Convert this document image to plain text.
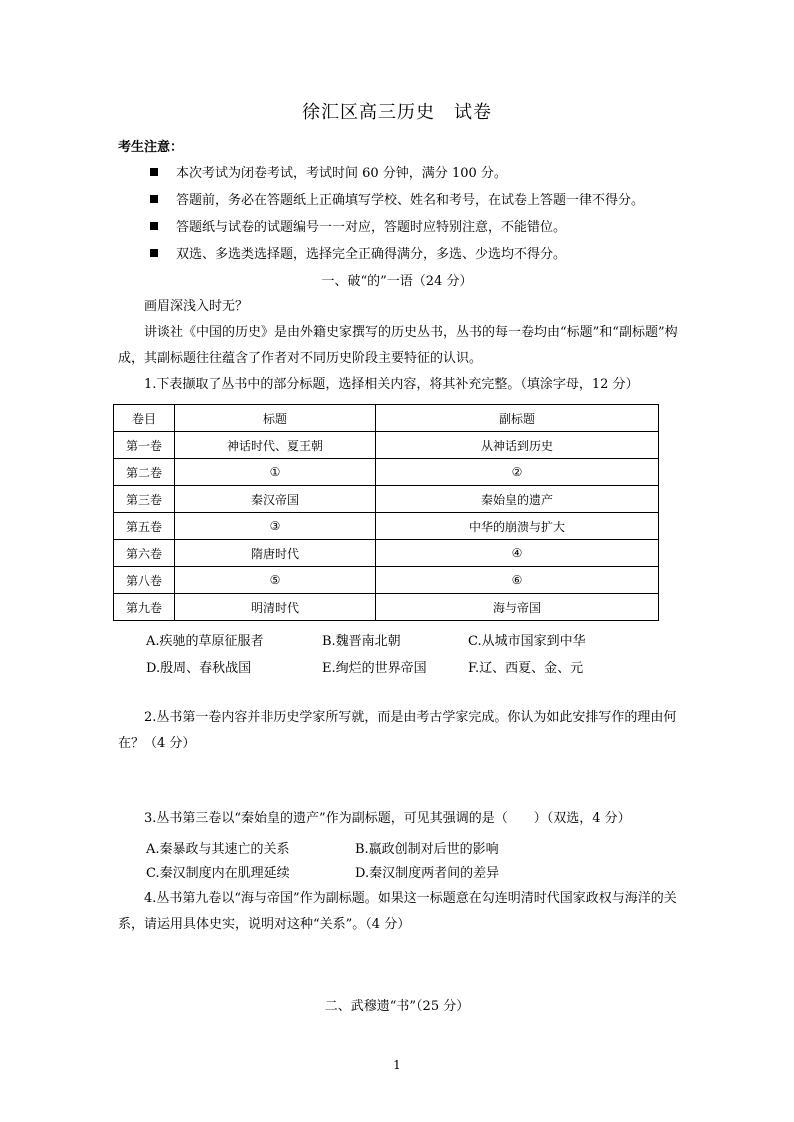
徐汇区高三历史　试卷
考生注意：
本次考试为闭卷考试，考试时间 60 分钟，满分 100 分。
答题前，务必在答题纸上正确填写学校、姓名和考号，在试卷上答题一律不得分。
答题纸与试卷的试题编号一一对应，答题时应特别注意，不能错位。
双选、多选类选择题，选择完全正确得满分，多选、少选均不得分。
一、破“的”一语（24 分）
画眉深浅入时无？
讲谈社《中国的历史》是由外籍史家撰写的历史丛书，丛书的每一卷均由“标题”和“副标题”构成，其副标题往往蕴含了作者对不同历史阶段主要特征的认识。
1.下表撷取了丛书中的部分标题，选择相关内容，将其补充完整。（填涂字母，12 分）
卷目	标题	副标题
第一卷	神话时代、夏王朝	从神话到历史
第二卷	①	②
第三卷	秦汉帝国	秦始皇的遗产
第五卷	③	中华的崩溃与扩大
第六卷	隋唐时代	④
第八卷	⑤	⑥
第九卷	明清时代	海与帝国
A.疾驰的草原征服者	B.魏晋南北朝	C.从城市国家到中华
D.殷周、春秋战国	E.绚烂的世界帝国	F.辽、西夏、金、元
2.丛书第一卷内容并非历史学家所写就，而是由考古学家完成。你认为如此安排写作的理由何在？（4 分）
3.丛书第三卷以“秦始皇的遗产”作为副标题，可见其强调的是（　　）（双选，4 分）
A.秦暴政与其速亡的关系	B.嬴政创制对后世的影响
C.秦汉制度内在肌理延续	D.秦汉制度两者间的差异
4.丛书第九卷以“海与帝国”作为副标题。如果这一标题意在勾连明清时代国家政权与海洋的关系，请运用具体史实，说明对这种“关系”。（4 分）
二、武穆遗“书”（25 分）
1
